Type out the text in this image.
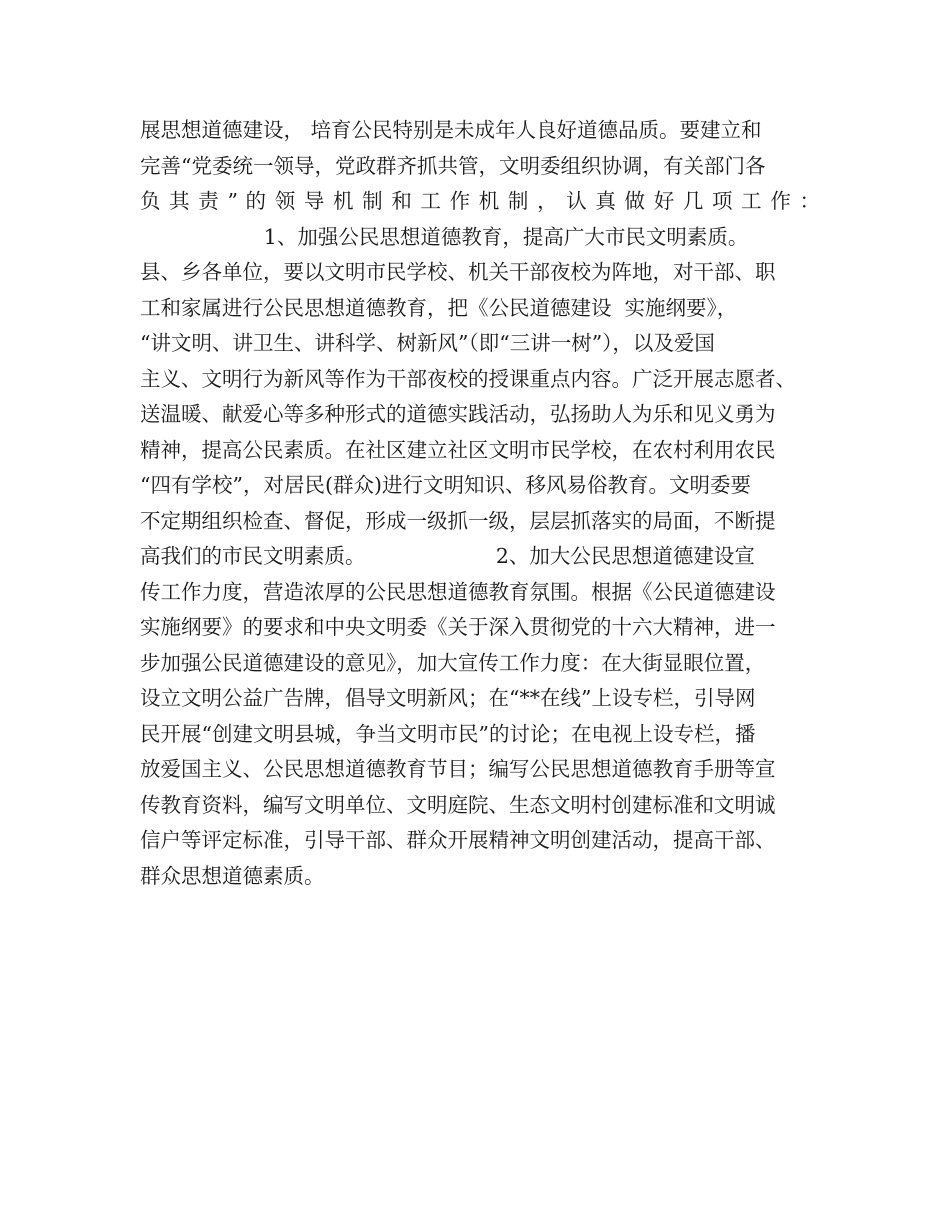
展思想道德建设， 培育公民特别是未成年人良好道德品质。要建立和
完善“党委统一领导，党政群齐抓共管，文明委组织协调，有关部门各
负 其 责 ” 的 领 导 机 制 和 工 作 机 制 ， 认 真 做 好 几 项 工 作 ：
1、加强公民思想道德教育，提高广大市民文明素质。
县、乡各单位，要以文明市民学校、机关干部夜校为阵地，对干部、职
工和家属进行公民思想道德教育，把《公民道德建设  实施纲要》，
“讲文明、讲卫生、讲科学、树新风”（即“三讲一树”），以及爱国
主义、文明行为新风等作为干部夜校的授课重点内容。广泛开展志愿者、
送温暖、献爱心等多种形式的道德实践活动，弘扬助人为乐和见义勇为
精神，提高公民素质。在社区建立社区文明市民学校，在农村利用农民
“四有学校”，对居民(群众)进行文明知识、移风易俗教育。文明委要
不定期组织检查、督促，形成一级抓一级，层层抓落实的局面，不断提
高我们的市民文明素质。                    2、加大公民思想道德建设宣
传工作力度，营造浓厚的公民思想道德教育氛围。根据《公民道德建设
实施纲要》的要求和中央文明委《关于深入贯彻党的十六大精神，进一
步加强公民道德建设的意见》，加大宣传工作力度：在大街显眼位置，
设立文明公益广告牌，倡导文明新风；在“**在线”上设专栏，引导网
民开展“创建文明县城，争当文明市民”的讨论；在电视上设专栏，播
放爱国主义、公民思想道德教育节目；编写公民思想道德教育手册等宣
传教育资料，编写文明单位、文明庭院、生态文明村创建标准和文明诚
信户等评定标准，引导干部、群众开展精神文明创建活动，提高干部、
群众思想道德素质。
